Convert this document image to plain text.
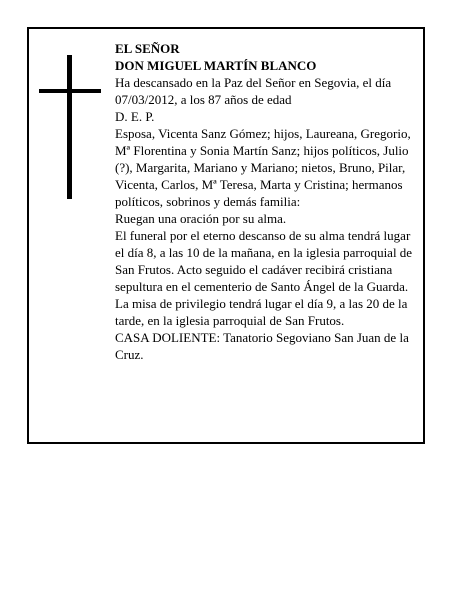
EL SEÑOR

DON MIGUEL MARTÍN BLANCO

Ha descansado en la Paz del Señor en Segovia, el día 07/03/2012, a los 87 años de edad

D. E. P.

Esposa, Vicenta Sanz Gómez; hijos, Laureana, Gregorio, Mª Florentina y Sonia Martín Sanz; hijos políticos, Julio (?), Margarita, Mariano y Mariano; nietos, Bruno, Pilar, Vicenta, Carlos, Mª Teresa, Marta y Cristina; hermanos políticos, sobrinos y demás familia:

Ruegan una oración por su alma.

El funeral por el eterno descanso de su alma tendrá lugar el día 8, a las 10 de la mañana, en la iglesia parroquial de San Frutos. Acto seguido el cadáver recibirá cristiana sepultura en el cementerio de Santo Ángel de la Guarda. La misa de privilegio tendrá lugar el día 9, a las 20 de la tarde, en la iglesia parroquial de San Frutos.

CASA DOLIENTE: Tanatorio Segoviano San Juan de la Cruz.
